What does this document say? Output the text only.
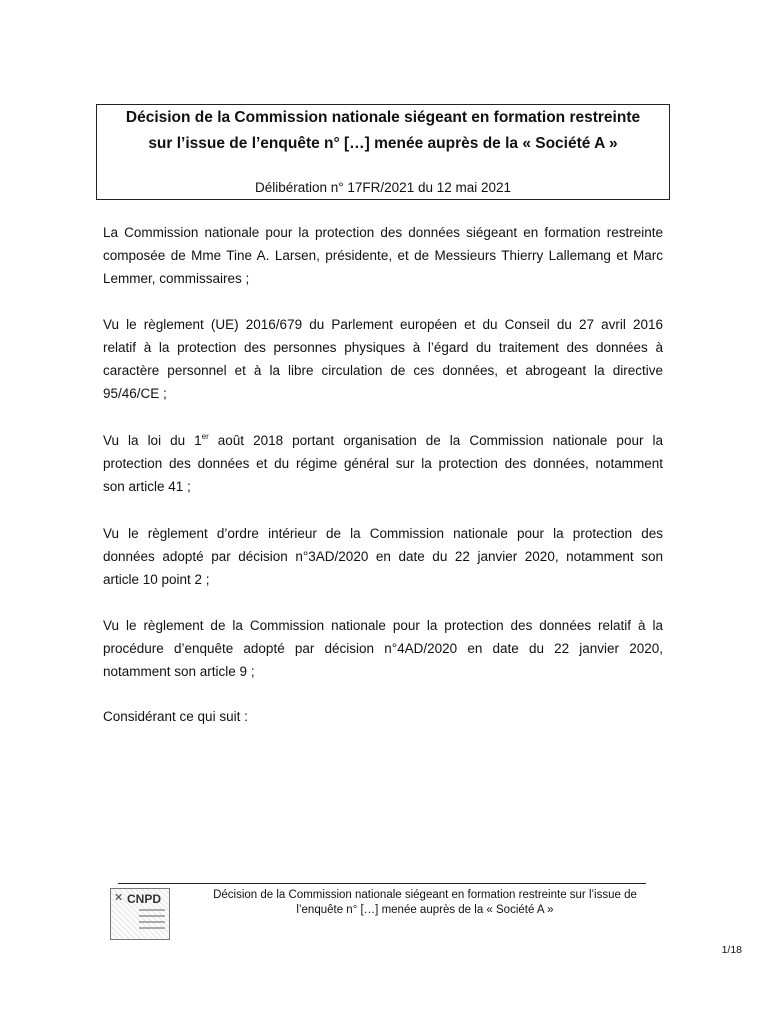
Décision de la Commission nationale siégeant en formation restreinte
sur l’issue de l’enquête n° […] menée auprès de la « Société A »
Délibération n° 17FR/2021 du 12 mai 2021
La Commission nationale pour la protection des données siégeant en formation restreinte
composée de Mme Tine A. Larsen, présidente, et de Messieurs Thierry Lallemang et Marc
Lemmer, commissaires ;
Vu le règlement (UE) 2016/679 du Parlement européen et du Conseil du 27 avril 2016
relatif à la protection des personnes physiques à l’égard du traitement des données à
caractère personnel et à la libre circulation de ces données, et abrogeant la directive
95/46/CE ;
Vu la loi du 1er août 2018 portant organisation de la Commission nationale pour la
protection des données et du régime général sur la protection des données, notamment
son article 41 ;
Vu le règlement d’ordre intérieur de la Commission nationale pour la protection des
données adopté par décision n°3AD/2020 en date du 22 janvier 2020, notamment son
article 10 point 2 ;
Vu le règlement de la Commission nationale pour la protection des données relatif à la
procédure d’enquête adopté par décision n°4AD/2020 en date du 22 janvier 2020,
notamment son article 9 ;
Considérant ce qui suit :
✕ CNPD	Décision de la Commission nationale siégeant en formation restreinte sur l’issue de
l’enquête n° […] menée auprès de la « Société A »
1/18
